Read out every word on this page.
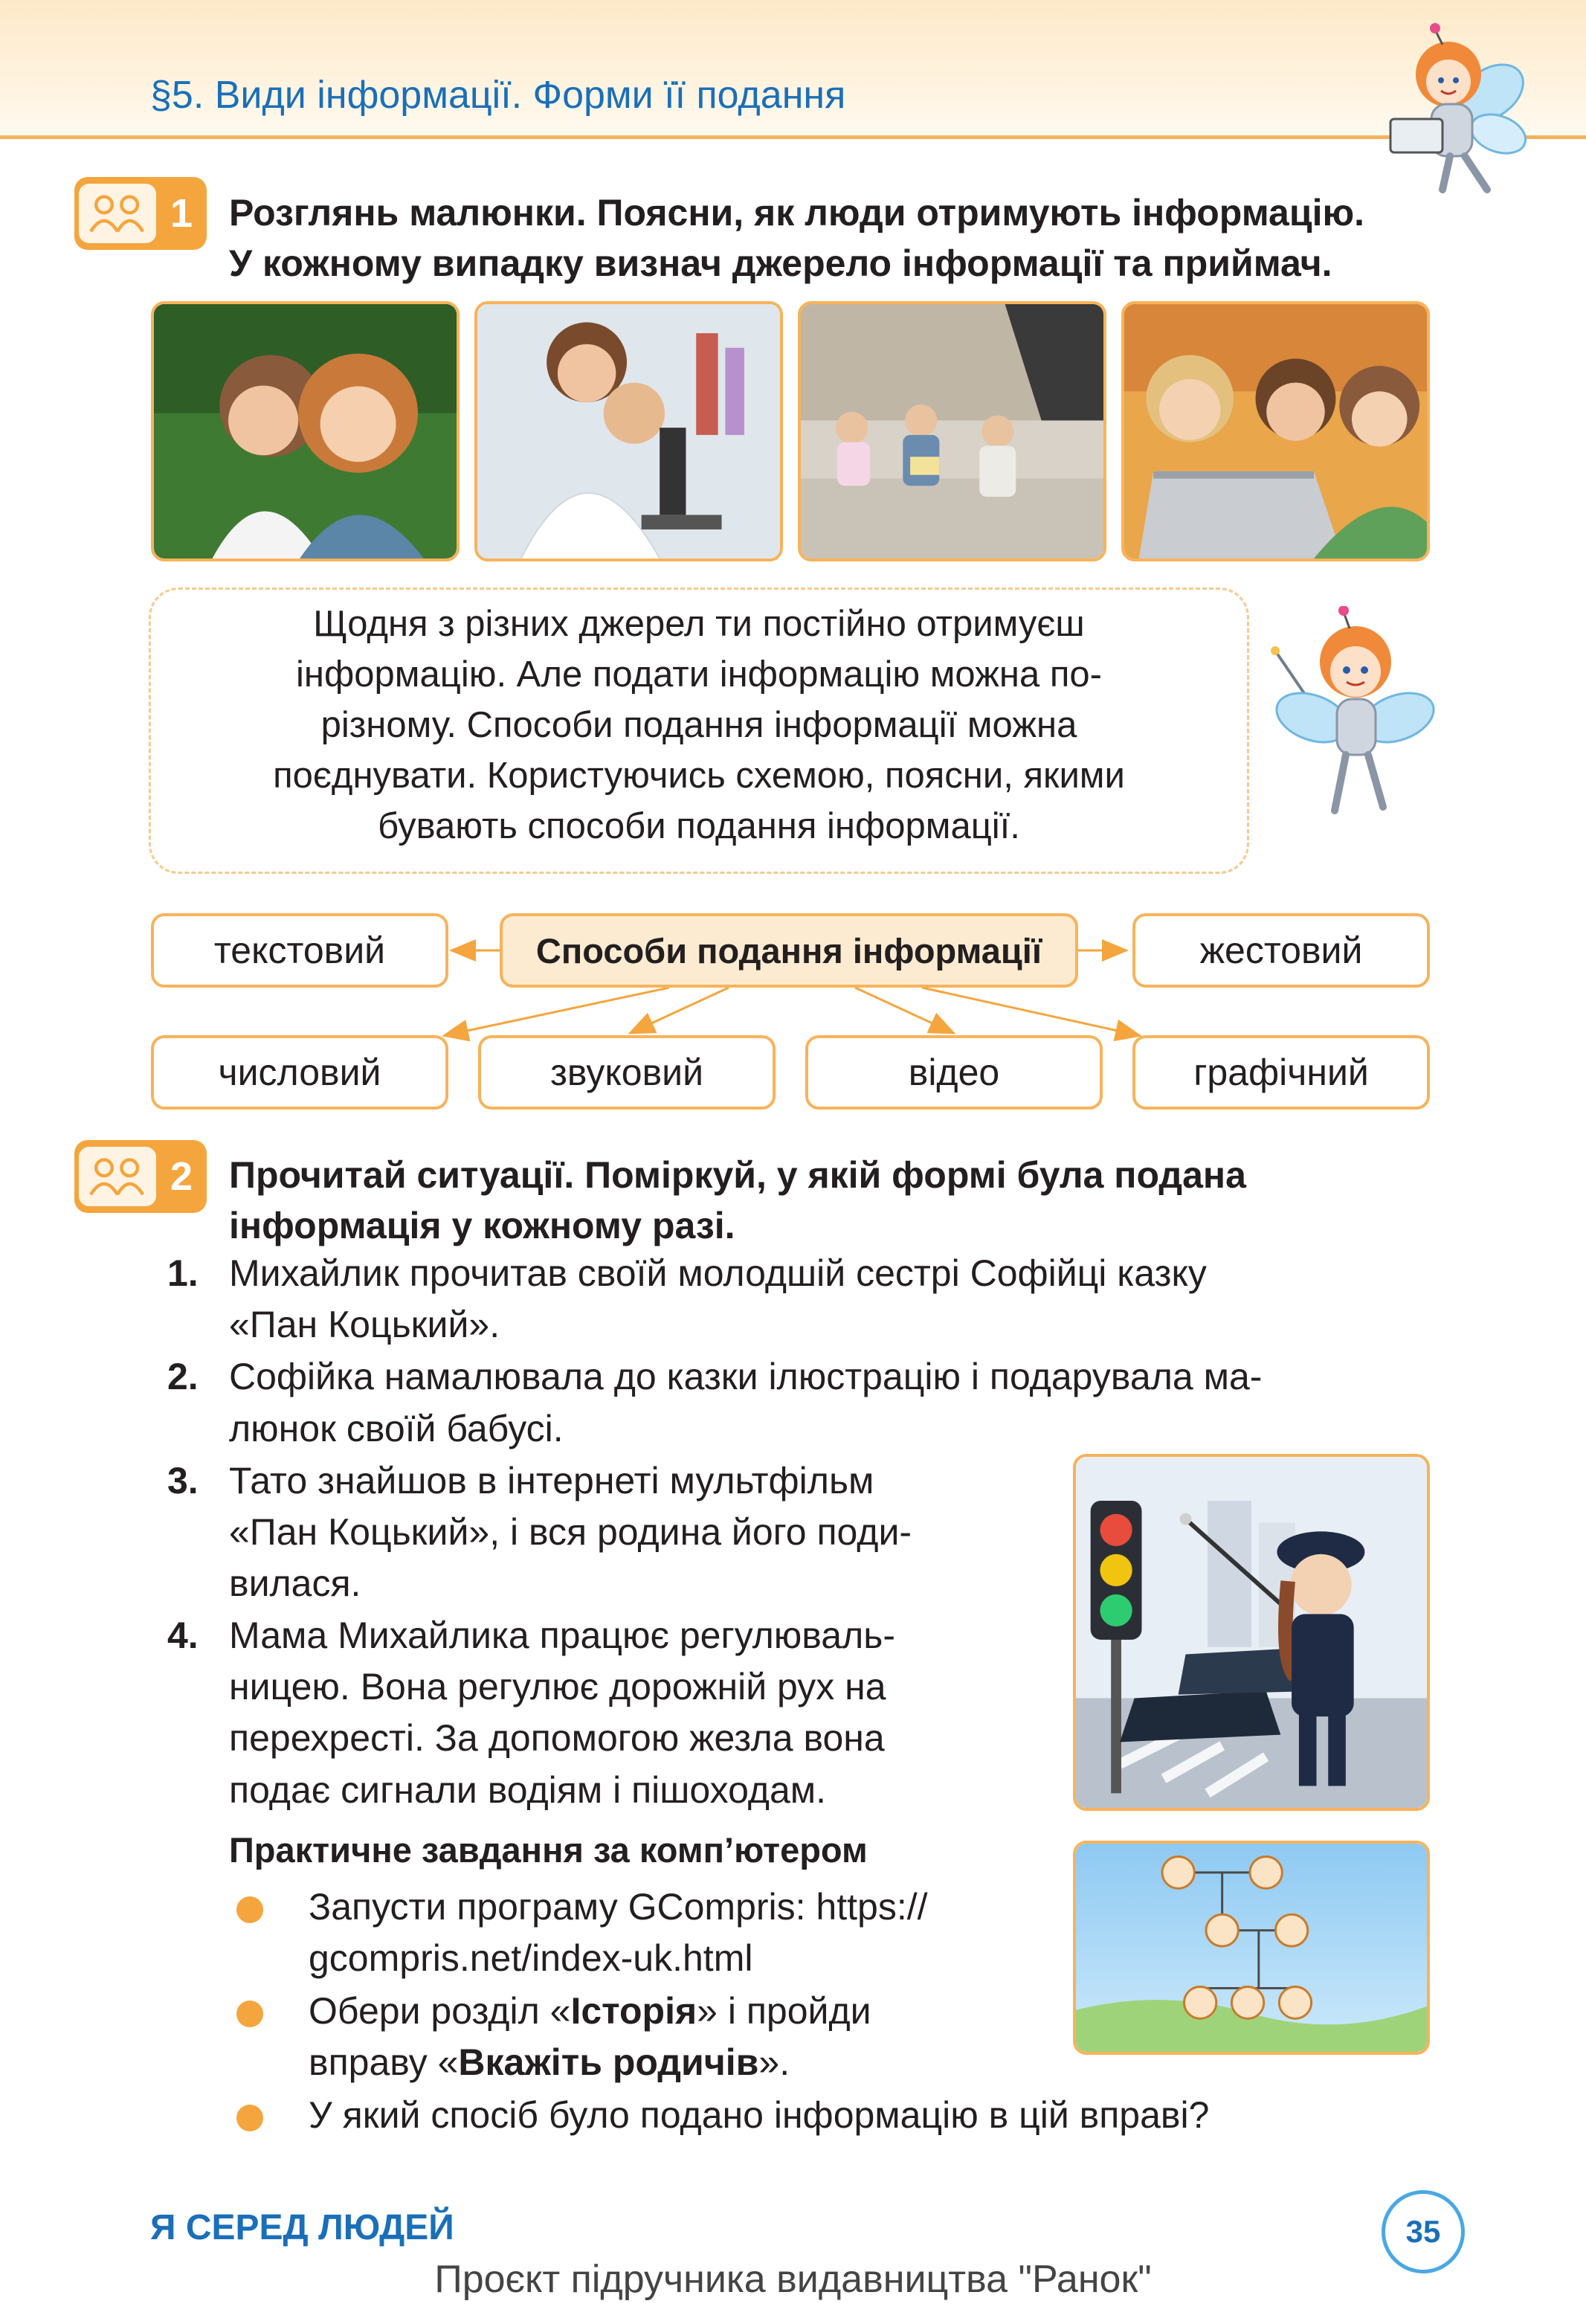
§5. Види інформації. Форми її подання
1 Розглянь малюнки. Поясни, як люди отримують інформацію.
У кожному випадку визнач джерело інформації та приймач.
Щодня з різних джерел ти постійно отримуєш
інформацію. Але подати інформацію можна по-
різному. Способи подання інформації можна
поєднувати. Користуючись схемою, поясни, якими
бувають способи подання інформації.
Способи подання інформації
текстовий	жестовий
числовий	звуковий	відео	графічний
2 Прочитай ситуації. Поміркуй, у якій формі була подана
інформація у кожному разі.
1. Михайлик прочитав своїй молодшій сестрі Софійці казку
«Пан Коцький».
2. Софійка намалювала до казки ілюстрацію і подарувала ма-
люнок своїй бабусі.
3. Тато знайшов в інтернеті мультфільм
«Пан Коцький», і вся родина його поди-
вилася.
4. Мама Михайлика працює регулюваль-
ницею. Вона регулює дорожній рух на
перехресті. За допомогою жезла вона
подає сигнали водіям і пішоходам.
Практичне завдання за комп’ютером
Запусти програму GCompris: https://
gcompris.net/index-uk.html
Обери розділ «Історія» і пройди
вправу «Вкажіть родичів».
У який спосіб було подано інформацію в цій вправі?
Я СЕРЕД ЛЮДЕЙ	35
Проєкт підручника видавництва "Ранок"
